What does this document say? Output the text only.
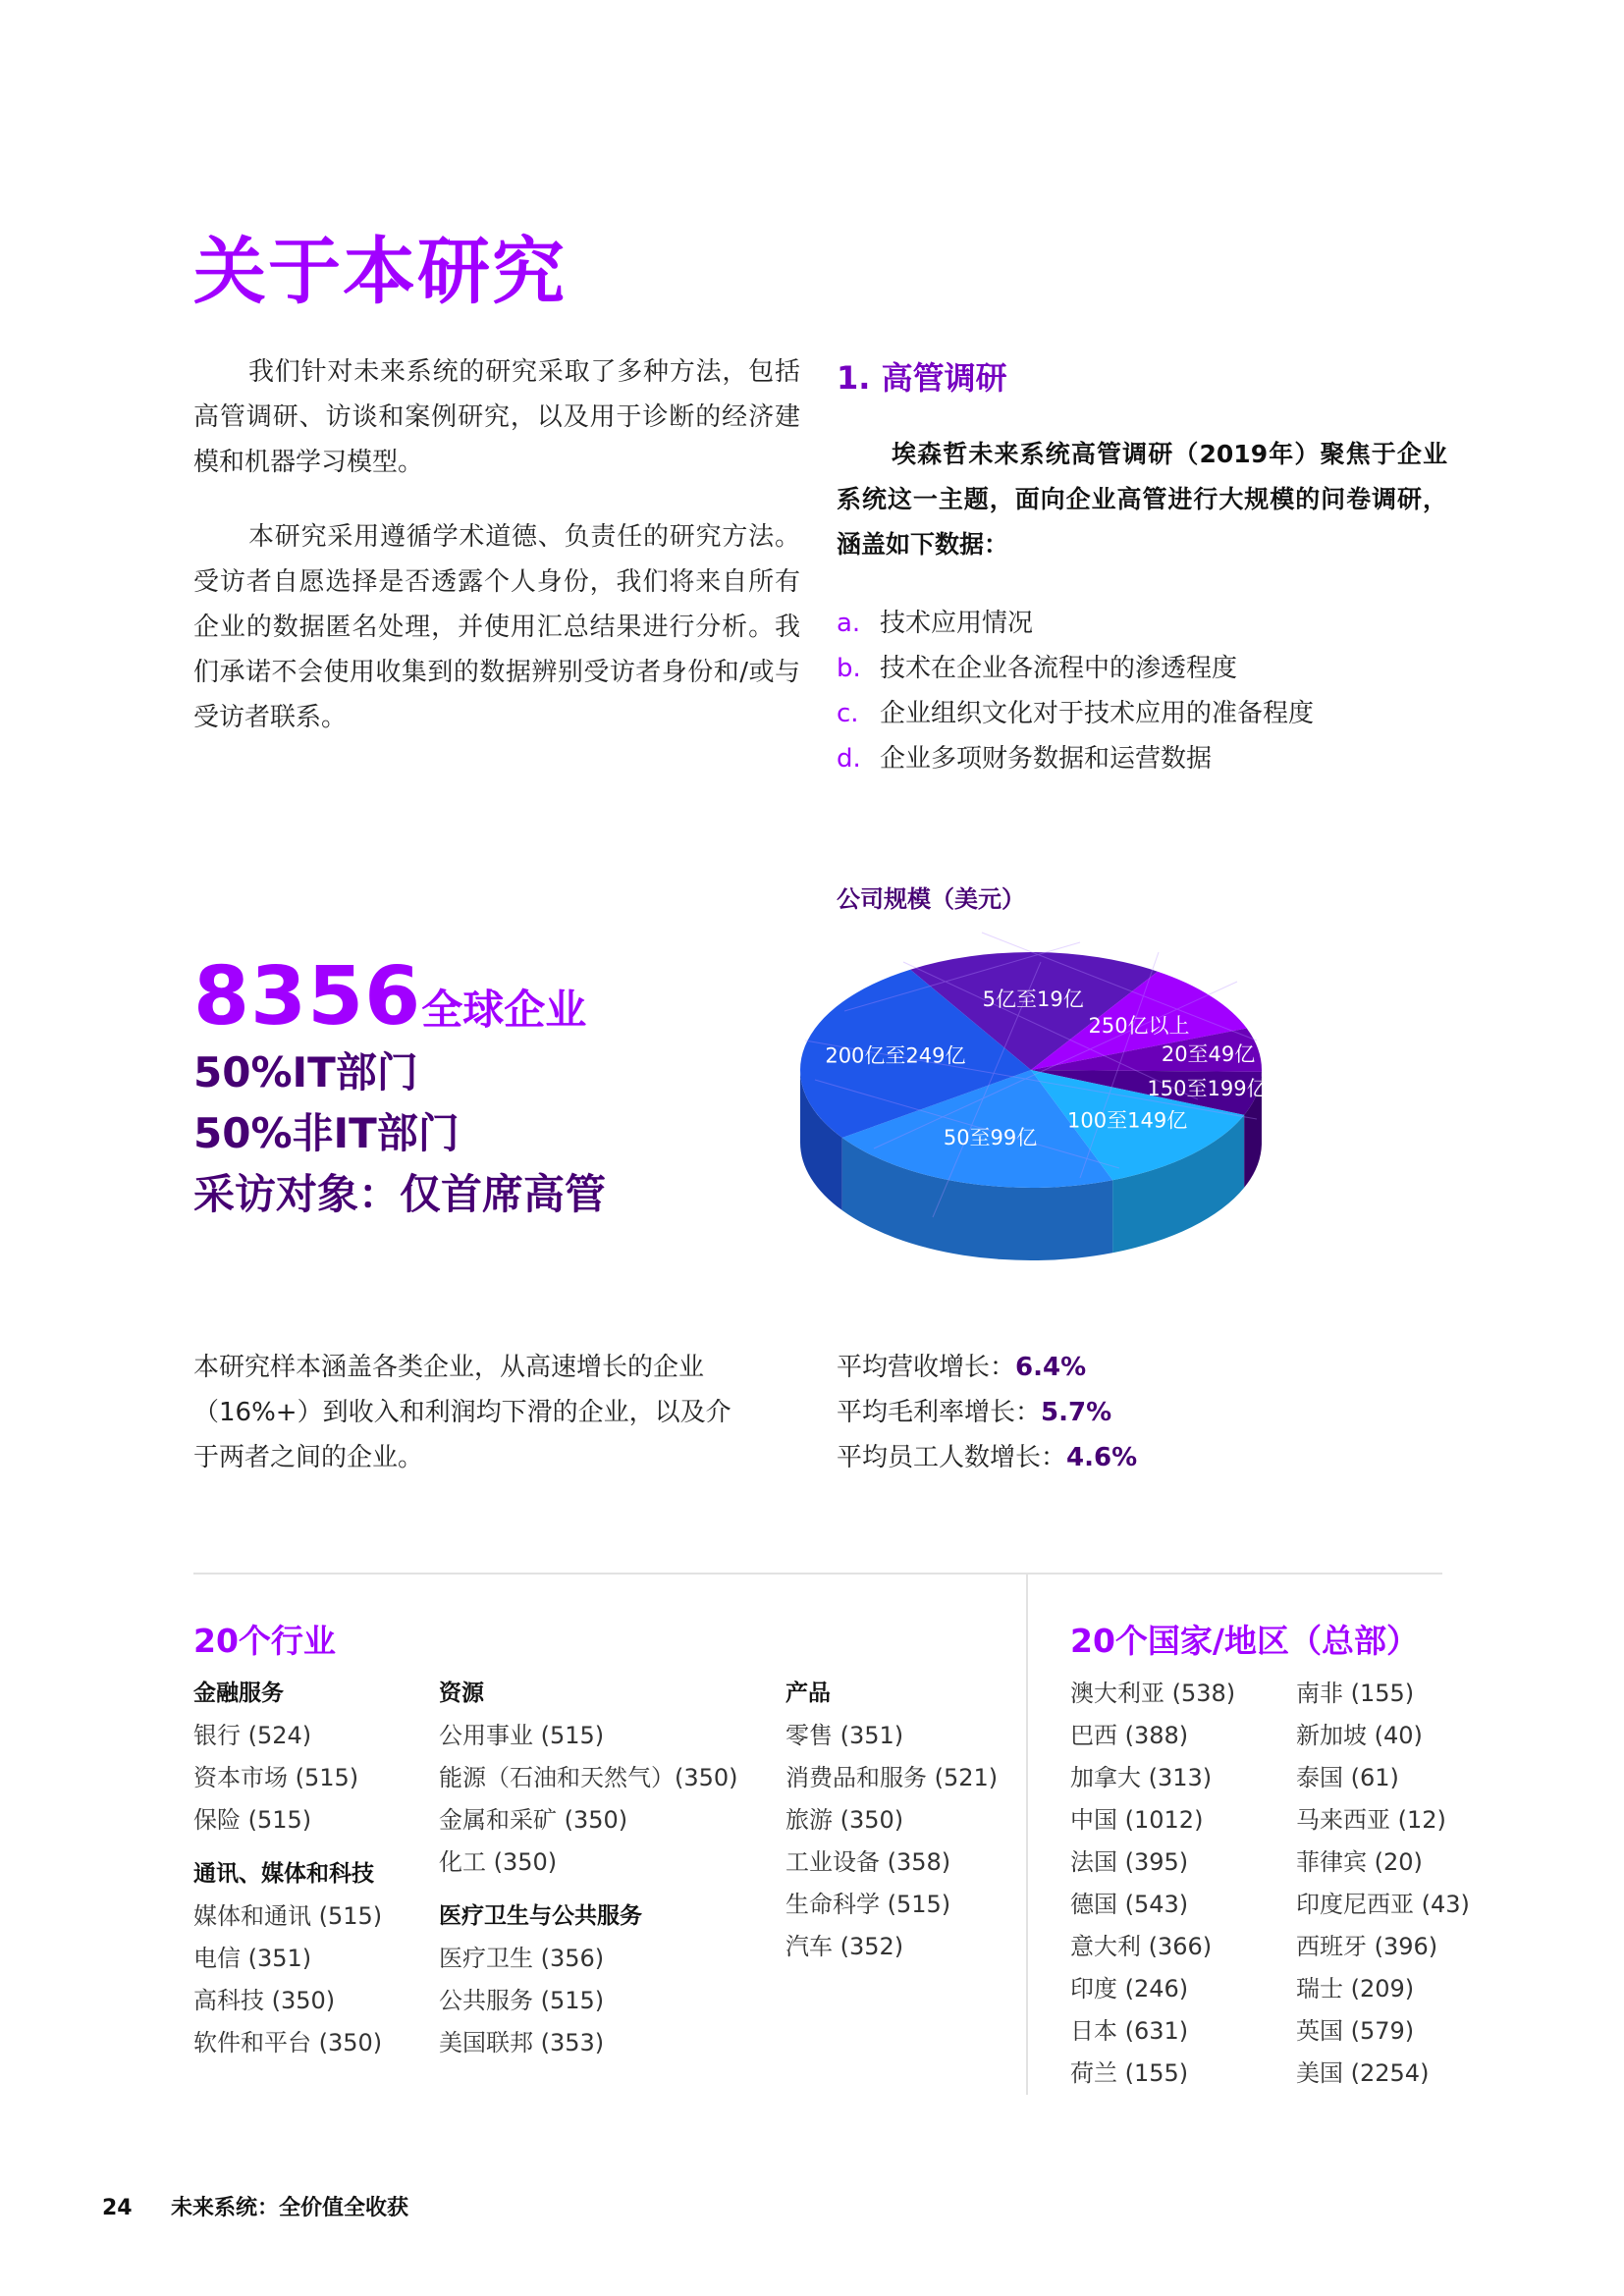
关于本研究

我们针对未来系统的研究采取了多种方法，包括高管调研、访谈和案例研究，以及用于诊断的经济建模和机器学习模型。

本研究采用遵循学术道德、负责任的研究方法。受访者自愿选择是否透露个人身份，我们将来自所有企业的数据匿名处理，并使用汇总结果进行分析。我们承诺不会使用收集到的数据辨别受访者身份和/或与受访者联系。

1. 高管调研
埃森哲未来系统高管调研（2019年）聚焦于企业系统这一主题，面向企业高管进行大规模的问卷调研，涵盖如下数据：
a. 技术应用情况
b. 技术在企业各流程中的渗透程度
c. 企业组织文化对于技术应用的准备程度
d. 企业多项财务数据和运营数据
8356全球企业
50%IT部门
50%非IT部门
采访对象：仅首席高管
公司规模（美元）
5亿至19亿
250亿以上
20至49亿
150至199亿
100至149亿
50至99亿
200亿至249亿
本研究样本涵盖各类企业，从高速增长的企业（16%+）到收入和利润均下滑的企业，以及介于两者之间的企业。
平均营收增长：6.4%
平均毛利率增长：5.7%
平均员工人数增长：4.6%
20个行业
金融服务
银行 (524)
资本市场 (515)
保险 (515)
通讯、媒体和科技
媒体和通讯 (515)
电信 (351)
高科技 (350)
软件和平台 (350)
资源
公用事业 (515)
能源（石油和天然气）(350)
金属和采矿 (350)
化工 (350)
医疗卫生与公共服务
医疗卫生 (356)
公共服务 (515)
美国联邦 (353)
产品
零售 (351)
消费品和服务 (521)
旅游 (350)
工业设备 (358)
生命科学 (515)
汽车 (352)
20个国家/地区（总部）
澳大利亚 (538)
巴西 (388)
加拿大 (313)
中国 (1012)
法国 (395)
德国 (543)
意大利 (366)
印度 (246)
日本 (631)
荷兰 (155)
南非 (155)
新加坡 (40)
泰国 (61)
马来西亚 (12)
菲律宾 (20)
印度尼西亚 (43)
西班牙 (396)
瑞士 (209)
英国 (579)
美国 (2254)
24 未来系统：全价值全收获
